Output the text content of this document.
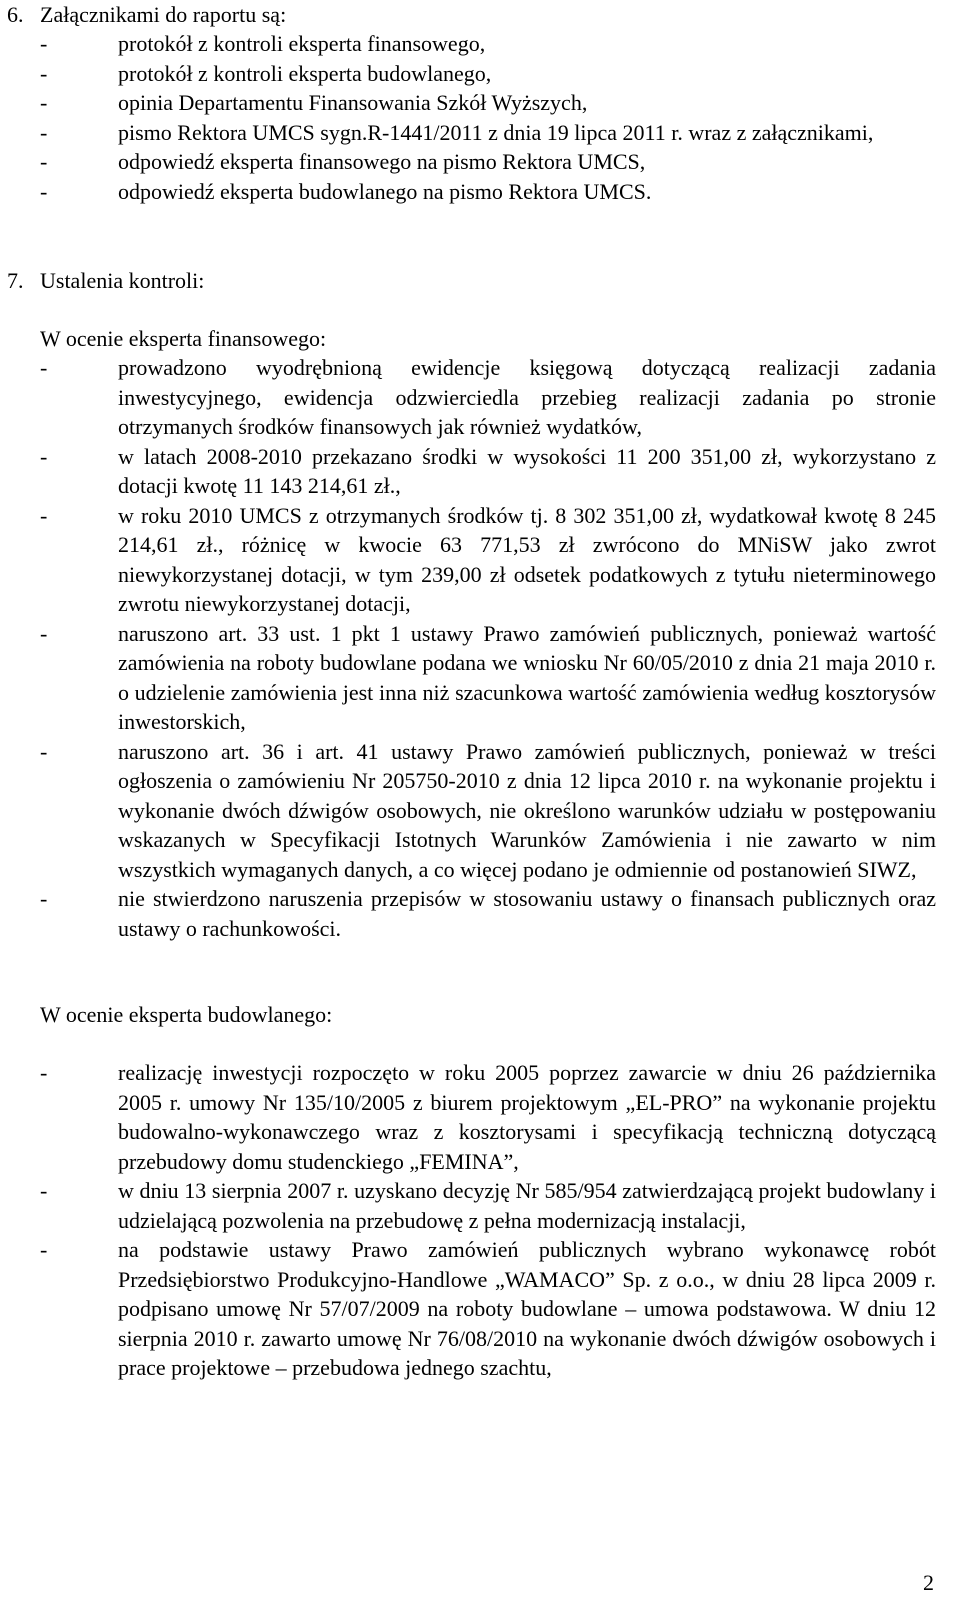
6. Załącznikami do raportu są:
-	protokół z kontroli eksperta finansowego,
-	protokół z kontroli eksperta budowlanego,
-	opinia Departamentu Finansowania Szkół Wyższych,
-	pismo Rektora UMCS sygn.R-1441/2011 z dnia 19 lipca 2011 r. wraz z załącznikami,
-	odpowiedź eksperta finansowego na pismo Rektora UMCS,
-	odpowiedź eksperta budowlanego na pismo Rektora UMCS.
7. Ustalenia kontroli:
W ocenie eksperta finansowego:
-	prowadzono wyodrębnioną ewidencje księgową dotyczącą realizacji zadania inwestycyjnego, ewidencja odzwierciedla przebieg realizacji zadania po stronie otrzymanych środków finansowych jak również wydatków,
-	w latach 2008-2010 przekazano środki w wysokości 11 200 351,00 zł, wykorzystano z dotacji kwotę 11 143 214,61 zł.,
-	w roku 2010 UMCS z otrzymanych środków tj. 8 302 351,00 zł, wydatkował kwotę 8 245 214,61 zł., różnicę w kwocie 63 771,53 zł zwrócono do MNiSW jako zwrot niewykorzystanej dotacji, w tym 239,00 zł odsetek podatkowych z tytułu nieterminowego zwrotu niewykorzystanej dotacji,
-	naruszono art. 33 ust. 1 pkt 1 ustawy Prawo zamówień publicznych, ponieważ wartość zamówienia na roboty budowlane podana we wniosku Nr 60/05/2010 z dnia 21 maja 2010 r. o udzielenie zamówienia jest inna niż szacunkowa wartość zamówienia według kosztorysów inwestorskich,
-	naruszono art. 36 i art. 41 ustawy Prawo zamówień publicznych, ponieważ w treści ogłoszenia o zamówieniu Nr 205750-2010 z dnia 12 lipca 2010 r. na wykonanie projektu i wykonanie dwóch dźwigów osobowych, nie określono warunków udziału w postępowaniu wskazanych w Specyfikacji Istotnych Warunków Zamówienia i nie zawarto w nim wszystkich wymaganych danych, a co więcej podano je odmiennie od postanowień SIWZ,
-	nie stwierdzono naruszenia przepisów w stosowaniu ustawy o finansach publicznych oraz ustawy o rachunkowości.
W ocenie eksperta budowlanego:
-	realizację inwestycji rozpoczęto w roku 2005 poprzez zawarcie w dniu 26 października 2005 r. umowy Nr 135/10/2005 z biurem projektowym „EL-PRO” na wykonanie projektu budowalno-wykonawczego wraz z kosztorysami i specyfikacją techniczną dotyczącą przebudowy domu studenckiego „FEMINA”,
-	w dniu 13 sierpnia 2007 r. uzyskano decyzję Nr 585/954 zatwierdzającą projekt budowlany i udzielającą pozwolenia na przebudowę z pełna modernizacją instalacji,
-	na podstawie ustawy Prawo zamówień publicznych wybrano wykonawcę robót Przedsiębiorstwo Produkcyjno-Handlowe „WAMACO” Sp. z o.o., w dniu 28 lipca 2009 r. podpisano umowę Nr 57/07/2009 na roboty budowlane – umowa podstawowa. W dniu 12 sierpnia 2010 r. zawarto umowę Nr 76/08/2010 na wykonanie dwóch dźwigów osobowych i prace projektowe – przebudowa jednego szachtu,
2
